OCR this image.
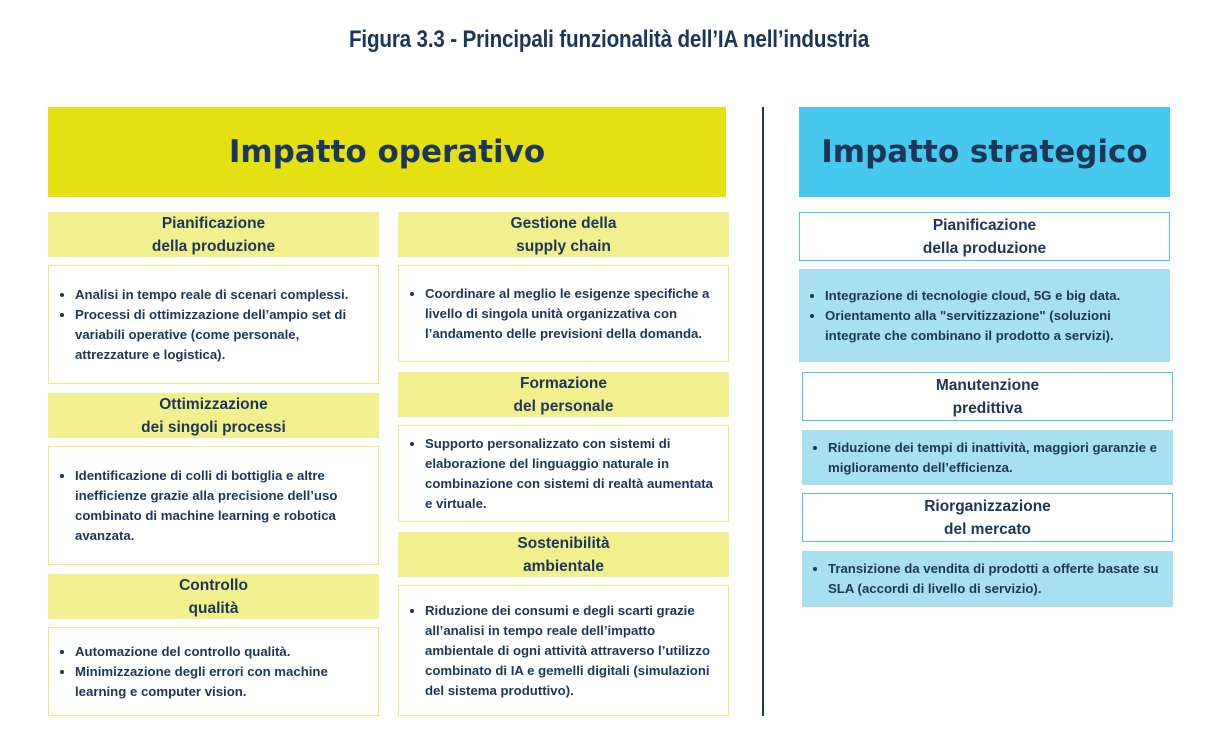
Figura 3.3 - Principali funzionalità dell’IA nell’industria
Impatto operativo	Impatto strategico
Pianificazione
della produzione
• Analisi in tempo reale di scenari complessi.
• Processi di ottimizzazione dell’ampio set di variabili operative (come personale, attrezzature e logistica).
Ottimizzazione
dei singoli processi
• Identificazione di colli di bottiglia e altre inefficienze grazie alla precisione dell’uso combinato di machine learning e robotica avanzata.
Controllo
qualità
• Automazione del controllo qualità.
• Minimizzazione degli errori con machine learning e computer vision.
Gestione della
supply chain
• Coordinare al meglio le esigenze specifiche a livello di singola unità organizzativa con l’andamento delle previsioni della domanda.
Formazione
del personale
• Supporto personalizzato con sistemi di elaborazione del linguaggio naturale in combinazione con sistemi di realtà aumentata e virtuale.
Sostenibilità
ambientale
• Riduzione dei consumi e degli scarti grazie all’analisi in tempo reale dell’impatto ambientale di ogni attività attraverso l’utilizzo combinato di IA e gemelli digitali (simulazioni del sistema produttivo).
Pianificazione
della produzione
• Integrazione di tecnologie cloud, 5G e big data.
• Orientamento alla "servitizzazione" (soluzioni integrate che combinano il prodotto a servizi).
Manutenzione
predittiva
• Riduzione dei tempi di inattività, maggiori garanzie e miglioramento dell’efficienza.
Riorganizzazione
del mercato
• Transizione da vendita di prodotti a offerte basate su SLA (accordi di livello di servizio).
